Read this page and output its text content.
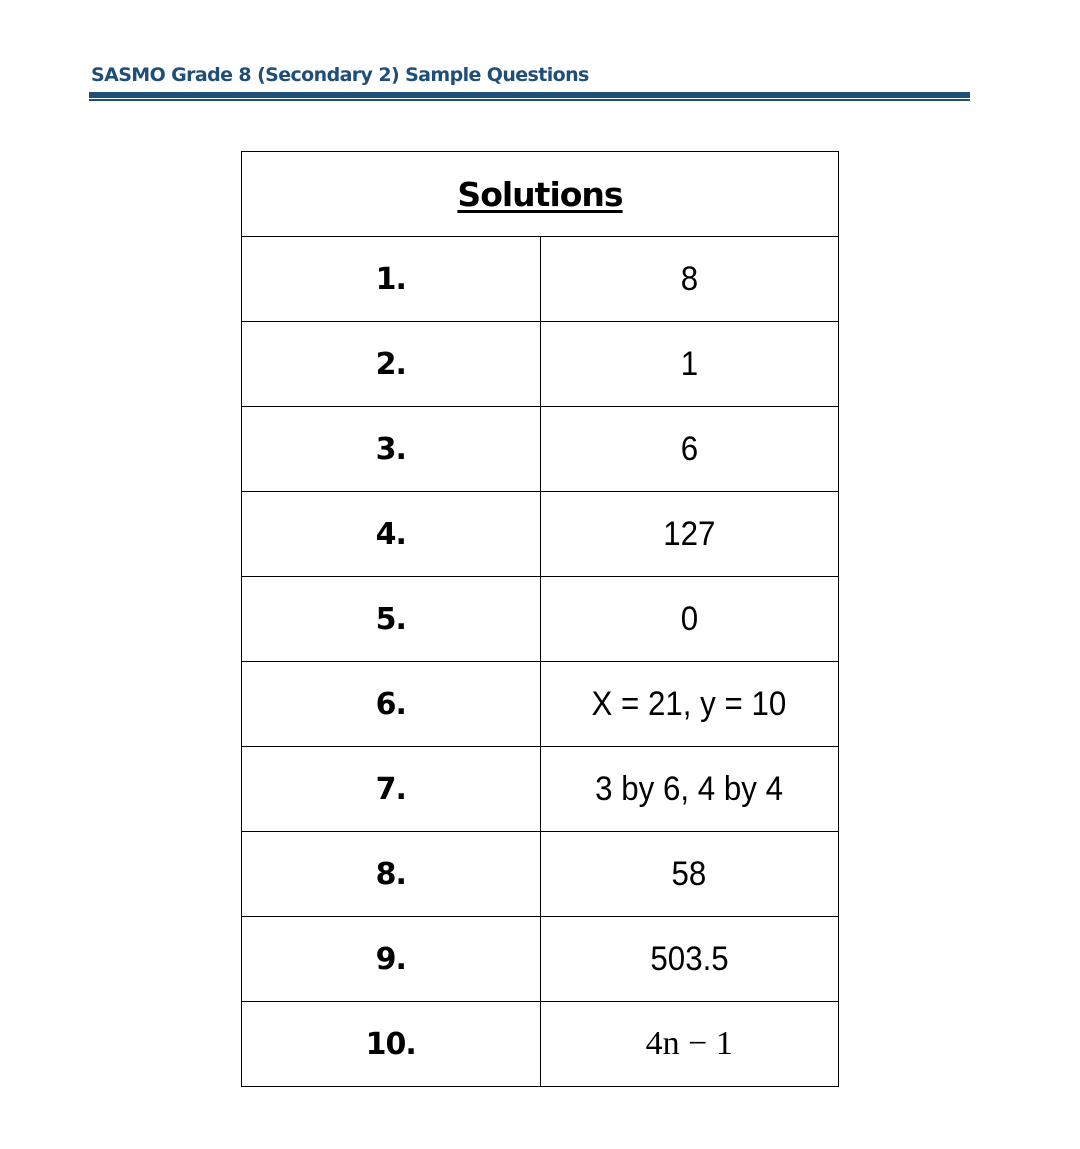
SASMO Grade 8 (Secondary 2) Sample Questions
Solutions	
1.	8
2.	1
3.	6
4.	127
5.	0
6.	X = 21, y = 10
7.	3 by 6, 4 by 4
8.	58
9.	503.5
10.	4n − 1
